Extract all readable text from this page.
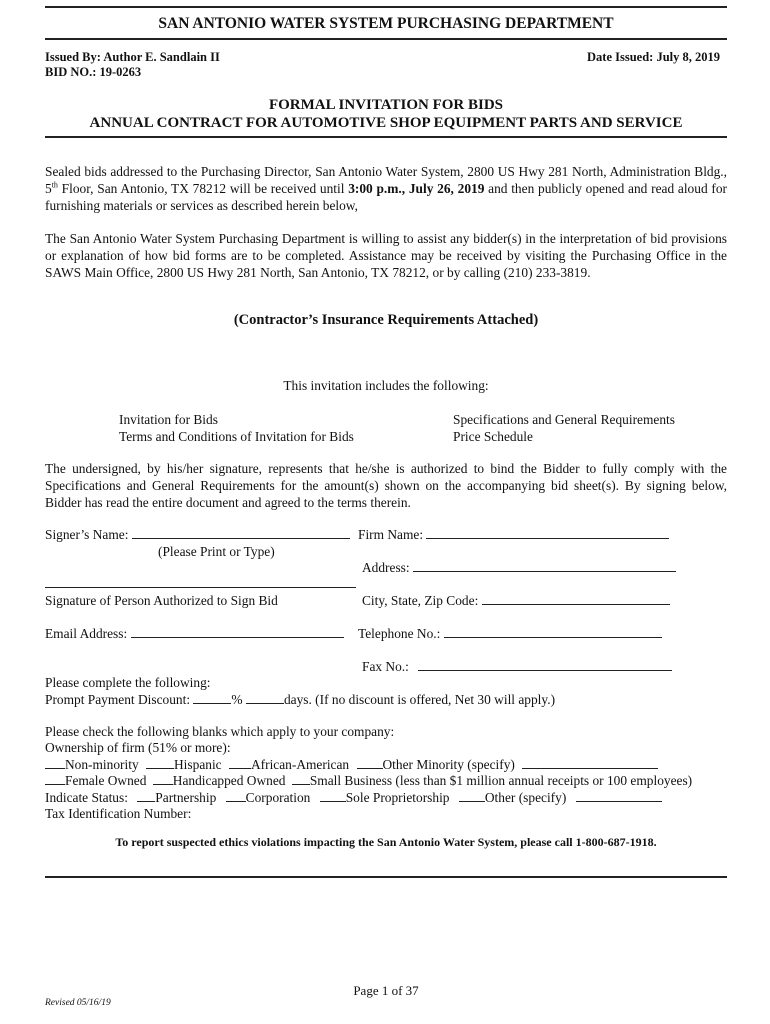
SAN ANTONIO WATER SYSTEM PURCHASING DEPARTMENT
Issued By: Author E. Sandlain II
BID NO.: 19-0263
Date Issued: July 8, 2019
FORMAL INVITATION FOR BIDS
ANNUAL CONTRACT FOR AUTOMOTIVE SHOP EQUIPMENT PARTS AND SERVICE
Sealed bids addressed to the Purchasing Director, San Antonio Water System, 2800 US Hwy 281 North, Administration Bldg., 5th Floor, San Antonio, TX 78212 will be received until 3:00 p.m., July 26, 2019 and then publicly opened and read aloud for furnishing materials or services as described herein below,
The San Antonio Water System Purchasing Department is willing to assist any bidder(s) in the interpretation of bid provisions or explanation of how bid forms are to be completed. Assistance may be received by visiting the Purchasing Office in the SAWS Main Office, 2800 US Hwy 281 North, San Antonio, TX 78212, or by calling (210) 233-3819.
(Contractor’s Insurance Requirements Attached)
This invitation includes the following:
Invitation for Bids
Terms and Conditions of Invitation for Bids
Specifications and General Requirements
Price Schedule
The undersigned, by his/her signature, represents that he/she is authorized to bind the Bidder to fully comply with the Specifications and General Requirements for the amount(s) shown on the accompanying bid sheet(s). By signing below, Bidder has read the entire document and agreed to the terms therein.
Signer’s Name:	Firm Name:
(Please Print or Type)
Address:
Signature of Person Authorized to Sign Bid	City, State, Zip Code:
Email Address:	Telephone No.:
Fax No.:
Please complete the following:
Prompt Payment Discount:	%	days. (If no discount is offered, Net 30 will apply.)
Please check the following blanks which apply to your company:
Ownership of firm (51% or more):
Non-minority	Hispanic African-American Other Minority (specify)
Female Owned Handicapped Owned Small Business (less than $1 million annual receipts or 100 employees)
Indicate Status: Partnership Corporation	Sole Proprietorship	Other (specify)
Tax Identification Number:
To report suspected ethics violations impacting the San Antonio Water System, please call 1-800-687-1918.
Page 1 of 37
Revised 05/16/19
